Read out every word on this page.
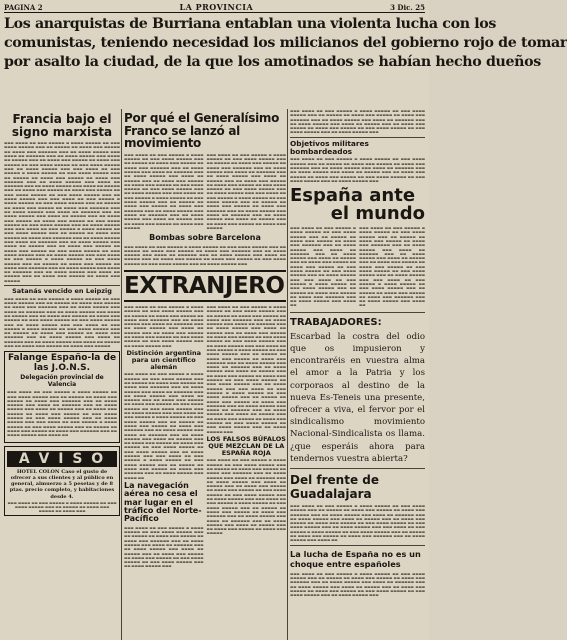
PAGINA 2	LA PROVINCIA	3 Dic. 25
Los anarquistas de Burriana entablan una violenta lucha con los
comunistas, teniendo necesidad los milicianos del gobierno rojo de tomar
por asalto la ciudad, de la que los amotinados se habían hecho dueños
Francia bajo el signo marxista
▬▬▬ ▬▬▬▬ ▬▬ ▬▬▬ ▬▬▬▬▬ ▬ ▬▬▬▬ ▬▬▬▬▬ ▬▬ ▬▬▬ ▬▬▬▬ ▬▬▬▬▬ ▬▬▬ ▬▬ ▬▬▬▬▬ ▬▬ ▬▬▬▬ ▬▬▬ ▬▬▬▬▬ ▬▬ ▬▬▬▬ ▬▬▬ ▬▬▬▬▬▬ ▬▬▬ ▬▬ ▬▬▬▬ ▬▬▬▬▬ ▬▬▬ ▬▬▬▬ ▬▬ ▬▬▬▬▬▬ ▬▬▬ ▬▬ ▬▬▬▬ ▬▬▬▬▬ ▬▬▬ ▬▬▬▬ ▬▬ ▬▬▬▬▬ ▬▬▬ ▬▬ ▬▬▬▬ ▬▬▬ ▬▬▬▬▬ ▬▬ ▬▬▬▬ ▬▬▬ ▬▬▬▬▬ ▬▬ ▬▬▬ ▬▬▬▬ ▬▬▬▬▬ ▬▬ ▬▬▬ ▬▬▬▬ ▬▬▬▬▬ ▬▬▬ ▬▬ ▬▬▬▬ ▬▬▬▬▬ ▬▬▬ ▬▬▬ ▬▬▬▬ ▬▬ ▬▬▬ ▬▬▬▬▬ ▬ ▬▬▬▬ ▬▬▬▬▬ ▬▬ ▬▬▬ ▬▬▬▬ ▬▬▬▬▬ ▬▬▬ ▬▬ ▬▬▬▬▬ ▬▬ ▬▬▬▬ ▬▬▬ ▬▬▬▬▬ ▬▬ ▬▬▬▬ ▬▬▬ ▬▬▬▬▬▬ ▬▬▬ ▬▬ ▬▬▬▬ ▬▬▬▬▬ ▬▬▬ ▬▬▬▬ ▬▬ ▬▬▬▬▬▬ ▬▬▬ ▬▬ ▬▬▬▬ ▬▬▬▬▬ ▬▬▬ ▬▬▬▬ ▬▬ ▬▬▬▬▬ ▬▬▬ ▬▬ ▬▬▬▬ ▬▬▬ ▬▬▬▬▬ ▬▬ ▬▬▬▬ ▬▬▬ ▬▬▬▬▬ ▬▬ ▬▬▬ ▬▬▬▬ ▬▬▬▬▬ ▬▬ ▬▬▬ ▬▬▬▬ ▬▬▬▬▬ ▬▬▬ ▬▬ ▬▬▬▬ ▬▬▬▬▬ ▬▬▬ ▬▬▬ ▬▬▬▬ ▬▬ ▬▬▬ ▬▬▬▬▬ ▬ ▬▬▬▬ ▬▬▬▬▬ ▬▬ ▬▬▬ ▬▬▬▬ ▬▬▬▬▬ ▬▬▬ ▬▬ ▬▬▬▬▬ ▬▬ ▬▬▬▬ ▬▬▬ ▬▬▬▬▬ ▬▬ ▬▬▬▬ ▬▬▬ ▬▬▬▬▬▬ ▬▬▬ ▬▬ ▬▬▬▬ ▬▬▬▬▬ ▬▬▬ ▬▬▬▬ ▬▬ ▬▬▬▬▬▬ ▬▬▬ ▬▬ ▬▬▬▬ ▬▬▬▬▬ ▬▬▬ ▬▬▬▬ ▬▬ ▬▬▬▬▬ ▬▬▬ ▬▬ ▬▬▬▬ ▬▬▬ ▬▬▬▬▬ ▬▬ ▬▬▬▬ ▬▬▬ ▬▬▬▬▬ ▬▬ ▬▬▬ ▬▬▬▬ ▬▬▬▬▬ ▬▬ ▬▬▬ ▬▬▬▬ ▬▬▬▬▬ ▬▬▬ ▬▬ ▬▬▬▬ ▬▬▬▬▬ ▬▬▬ ▬▬▬ ▬▬▬▬ ▬▬ ▬▬▬ ▬▬▬▬▬ ▬ ▬▬▬▬ ▬▬▬▬▬ ▬▬ ▬▬▬ ▬▬▬▬ ▬▬▬▬▬ ▬▬▬ ▬▬ ▬▬▬▬▬ ▬▬ ▬▬▬▬ ▬▬▬ ▬▬▬▬▬ ▬▬ ▬▬▬▬ ▬▬▬ ▬▬▬▬▬▬ ▬▬▬ ▬▬ ▬▬▬▬ ▬▬▬▬▬ ▬▬▬ ▬▬▬▬ ▬▬ ▬▬▬▬▬▬ ▬▬▬ ▬▬ ▬▬▬▬ ▬▬▬▬▬ ▬▬▬ ▬▬▬▬ ▬▬ ▬▬▬▬▬ ▬▬▬ ▬▬ ▬▬▬▬ ▬▬▬ ▬▬▬▬▬ ▬▬ ▬▬▬▬ ▬▬▬ ▬▬▬▬▬ ▬▬ ▬▬▬ ▬▬▬▬ ▬▬▬▬▬ ▬▬ ▬▬▬ ▬▬▬▬ ▬▬▬▬▬ ▬▬▬ ▬▬ ▬▬▬▬ ▬▬▬▬▬ ▬▬▬ ▬▬▬ ▬▬▬▬ ▬▬ ▬▬▬ ▬▬▬▬▬ ▬ ▬▬▬▬ ▬▬▬▬▬ ▬▬ ▬▬▬ ▬▬▬▬ ▬▬▬▬▬ ▬▬▬ ▬▬ ▬▬▬▬▬ ▬▬ ▬▬▬▬ ▬▬▬ ▬▬▬▬▬ ▬▬ ▬▬▬▬ ▬▬▬ ▬▬▬▬▬▬ ▬▬▬ ▬▬ ▬▬▬▬ ▬▬▬▬▬ ▬▬▬ ▬▬▬▬ ▬▬ ▬▬▬▬▬▬ ▬▬▬ ▬▬ ▬▬▬▬ ▬▬▬▬▬ ▬▬▬ ▬▬▬▬ ▬▬ ▬▬▬▬▬ ▬▬▬ ▬▬ ▬▬▬▬ ▬▬▬ ▬▬▬▬▬ ▬▬ ▬▬▬▬ ▬▬▬ ▬▬▬▬▬
Satanás vencido en Leipzig
▬▬▬ ▬▬▬▬ ▬▬ ▬▬▬ ▬▬▬▬▬ ▬ ▬▬▬▬ ▬▬▬▬▬ ▬▬ ▬▬▬ ▬▬▬▬ ▬▬▬▬▬ ▬▬▬ ▬▬ ▬▬▬▬▬ ▬▬ ▬▬▬▬ ▬▬▬ ▬▬▬▬▬ ▬▬ ▬▬▬▬ ▬▬▬ ▬▬▬▬▬▬ ▬▬▬ ▬▬ ▬▬▬▬ ▬▬▬▬▬ ▬▬▬ ▬▬▬▬ ▬▬ ▬▬▬▬▬▬ ▬▬▬ ▬▬ ▬▬▬▬ ▬▬▬▬▬ ▬▬▬ ▬▬▬▬ ▬▬ ▬▬▬▬▬ ▬▬▬ ▬▬ ▬▬▬▬ ▬▬▬ ▬▬▬▬▬ ▬▬ ▬▬▬▬ ▬▬▬ ▬▬▬▬▬ ▬▬ ▬▬▬ ▬▬▬▬ ▬▬▬▬▬ ▬▬ ▬▬▬ ▬▬▬▬ ▬▬▬▬▬ ▬▬▬ ▬▬ ▬▬▬▬ ▬▬▬▬▬ ▬▬▬ ▬▬▬ ▬▬▬▬ ▬▬ ▬▬▬ ▬▬▬▬▬ ▬ ▬▬▬▬ ▬▬▬▬▬ ▬▬ ▬▬▬ ▬▬▬▬ ▬▬▬▬▬ ▬▬▬ ▬▬ ▬▬▬▬▬ ▬▬ ▬▬▬▬ ▬▬▬ ▬▬▬▬▬ ▬▬ ▬▬▬▬ ▬▬▬ ▬▬▬▬▬▬ ▬▬▬ ▬▬ ▬▬▬▬ ▬▬▬▬▬ ▬▬▬ ▬▬▬▬ ▬▬ ▬▬▬▬▬▬ ▬▬▬ ▬▬ ▬▬▬▬ ▬▬▬▬▬ ▬▬▬ ▬▬▬▬ ▬▬ ▬▬▬▬▬ ▬▬▬ ▬▬ ▬▬▬▬ ▬▬▬ ▬▬▬▬▬ ▬▬ ▬▬▬▬ ▬▬▬ ▬▬▬▬▬
Falange Españo-la de las J.O.N.S.
Delegación provincial de Valencia
▬▬▬ ▬▬▬▬ ▬▬ ▬▬▬ ▬▬▬▬▬ ▬ ▬▬▬▬ ▬▬▬▬▬ ▬▬ ▬▬▬ ▬▬▬▬ ▬▬▬▬▬ ▬▬▬ ▬▬ ▬▬▬▬▬ ▬▬ ▬▬▬▬ ▬▬▬ ▬▬▬▬▬ ▬▬ ▬▬▬▬ ▬▬▬ ▬▬▬▬▬▬ ▬▬▬ ▬▬ ▬▬▬▬ ▬▬▬▬▬ ▬▬▬ ▬▬▬▬ ▬▬ ▬▬▬▬▬▬ ▬▬▬ ▬▬ ▬▬▬▬ ▬▬▬▬▬ ▬▬▬ ▬▬▬▬ ▬▬ ▬▬▬▬▬ ▬▬▬ ▬▬ ▬▬▬▬ ▬▬▬ ▬▬▬▬▬ ▬▬ ▬▬▬▬ ▬▬▬ ▬▬▬▬▬ ▬▬ ▬▬▬ ▬▬▬▬ ▬▬▬▬▬ ▬▬ ▬▬▬ ▬▬▬▬ ▬▬▬▬▬ ▬▬▬ ▬▬ ▬▬▬▬ ▬▬▬▬▬ ▬▬▬ ▬▬▬ ▬▬▬▬ ▬▬ ▬▬▬ ▬▬▬▬▬ ▬ ▬▬▬▬ ▬▬▬▬▬ ▬▬ ▬▬▬ ▬▬▬▬ ▬▬▬▬▬ ▬▬▬ ▬▬ ▬▬▬▬▬ ▬▬ ▬▬▬▬ ▬▬▬ ▬▬▬▬▬ ▬▬ ▬▬▬▬ ▬▬▬ ▬▬▬▬▬▬ ▬▬▬ ▬▬ ▬▬▬▬ ▬▬▬▬▬ ▬▬▬ ▬▬▬▬ ▬▬
A V I S O
HOTEL COLON Caso el gusto de ofrecer a sus clientes y al público en general, almuerzo a 5 pesetas y de 8 ptas. precio completo, y habitaciones desde 4.
▬▬▬ ▬▬▬▬ ▬▬ ▬▬▬ ▬▬▬▬▬ ▬ ▬▬▬▬ ▬▬▬▬▬ ▬▬ ▬▬▬ ▬▬▬▬ ▬▬▬▬▬ ▬▬▬ ▬▬ ▬▬▬▬▬ ▬▬ ▬▬▬▬ ▬▬▬ ▬▬▬▬▬ ▬▬ ▬▬▬▬ ▬▬▬
Por qué el Generalísimo Franco se lanzó al movimiento
▬▬▬ ▬▬▬▬ ▬▬ ▬▬▬ ▬▬▬▬▬ ▬ ▬▬▬▬ ▬▬▬▬▬ ▬▬ ▬▬▬ ▬▬▬▬ ▬▬▬▬▬ ▬▬▬ ▬▬ ▬▬▬▬▬ ▬▬ ▬▬▬▬ ▬▬▬ ▬▬▬▬▬ ▬▬ ▬▬▬▬ ▬▬▬ ▬▬▬▬▬▬ ▬▬▬ ▬▬ ▬▬▬▬ ▬▬▬▬▬ ▬▬▬ ▬▬▬▬ ▬▬ ▬▬▬▬▬▬ ▬▬▬ ▬▬ ▬▬▬▬ ▬▬▬▬▬ ▬▬▬ ▬▬▬▬ ▬▬ ▬▬▬▬▬ ▬▬▬ ▬▬ ▬▬▬▬ ▬▬▬ ▬▬▬▬▬ ▬▬ ▬▬▬▬ ▬▬▬ ▬▬▬▬▬ ▬▬ ▬▬▬ ▬▬▬▬ ▬▬▬▬▬ ▬▬ ▬▬▬ ▬▬▬▬ ▬▬▬▬▬ ▬▬▬ ▬▬ ▬▬▬▬ ▬▬▬▬▬ ▬▬▬ ▬▬▬ ▬▬▬▬ ▬▬ ▬▬▬ ▬▬▬▬▬ ▬ ▬▬▬▬ ▬▬▬▬▬ ▬▬ ▬▬▬ ▬▬▬▬ ▬▬▬▬▬ ▬▬▬ ▬▬ ▬▬▬▬▬ ▬▬ ▬▬▬▬ ▬▬▬ ▬▬▬▬▬ ▬▬ ▬▬▬▬ ▬▬▬ ▬▬▬▬▬▬ ▬▬▬ ▬▬ ▬▬▬▬ ▬▬▬▬▬ ▬▬▬ ▬▬▬▬ ▬▬ ▬▬▬▬▬▬ ▬▬▬ ▬▬ ▬▬▬▬ ▬▬▬▬▬ ▬▬▬ ▬▬▬▬ ▬▬ ▬▬▬▬▬ ▬▬▬ ▬▬ ▬▬▬▬ ▬▬▬ ▬▬▬▬▬ ▬▬ ▬▬▬▬ ▬▬▬ ▬▬▬▬▬
▬▬▬ ▬▬▬▬ ▬▬ ▬▬▬ ▬▬▬▬▬ ▬ ▬▬▬▬ ▬▬▬▬▬ ▬▬ ▬▬▬ ▬▬▬▬ ▬▬▬▬▬ ▬▬▬ ▬▬ ▬▬▬▬▬ ▬▬ ▬▬▬▬ ▬▬▬ ▬▬▬▬▬ ▬▬ ▬▬▬▬ ▬▬▬ ▬▬▬▬▬▬ ▬▬▬ ▬▬ ▬▬▬▬ ▬▬▬▬▬ ▬▬▬ ▬▬▬▬ ▬▬ ▬▬▬▬▬▬ ▬▬▬ ▬▬ ▬▬▬▬ ▬▬▬▬▬ ▬▬▬ ▬▬▬▬ ▬▬ ▬▬▬▬▬ ▬▬▬ ▬▬ ▬▬▬▬ ▬▬▬ ▬▬▬▬▬ ▬▬ ▬▬▬▬ ▬▬▬ ▬▬▬▬▬ ▬▬ ▬▬▬ ▬▬▬▬ ▬▬▬▬▬ ▬▬ ▬▬▬ ▬▬▬▬ ▬▬▬▬▬ ▬▬▬ ▬▬ ▬▬▬▬ ▬▬▬▬▬ ▬▬▬ ▬▬▬ ▬▬▬▬ ▬▬ ▬▬▬ ▬▬▬▬▬ ▬ ▬▬▬▬ ▬▬▬▬▬ ▬▬ ▬▬▬ ▬▬▬▬ ▬▬▬▬▬ ▬▬▬ ▬▬ ▬▬▬▬▬ ▬▬ ▬▬▬▬ ▬▬▬ ▬▬▬▬▬ ▬▬ ▬▬▬▬ ▬▬▬ ▬▬▬▬▬▬ ▬▬▬ ▬▬ ▬▬▬▬ ▬▬▬▬▬ ▬▬▬ ▬▬▬▬ ▬▬ ▬▬▬▬▬▬ ▬▬▬ ▬▬ ▬▬▬▬ ▬▬▬▬▬ ▬▬▬ ▬▬▬▬ ▬▬ ▬▬▬▬▬ ▬▬▬ ▬▬ ▬▬▬▬ ▬▬▬ ▬▬▬▬▬ ▬▬ ▬▬▬▬ ▬▬▬ ▬▬▬▬▬
Bombas sobre Barcelona
▬▬▬ ▬▬▬▬ ▬▬ ▬▬▬ ▬▬▬▬▬ ▬ ▬▬▬▬ ▬▬▬▬▬ ▬▬ ▬▬▬ ▬▬▬▬ ▬▬▬▬▬ ▬▬▬ ▬▬ ▬▬▬▬▬ ▬▬ ▬▬▬▬ ▬▬▬ ▬▬▬▬▬ ▬▬ ▬▬▬▬ ▬▬▬ ▬▬▬▬▬▬ ▬▬▬ ▬▬ ▬▬▬▬ ▬▬▬▬▬ ▬▬▬ ▬▬▬▬ ▬▬ ▬▬▬▬▬▬ ▬▬▬ ▬▬ ▬▬▬▬ ▬▬▬▬▬ ▬▬▬ ▬▬▬▬ ▬▬ ▬▬▬▬▬ ▬▬▬ ▬▬ ▬▬▬▬ ▬▬▬ ▬▬▬▬▬ ▬▬ ▬▬▬▬ ▬▬▬ ▬▬▬▬▬ ▬▬ ▬▬▬ ▬▬▬▬ ▬▬▬▬▬ ▬▬ ▬▬▬ ▬▬▬▬ ▬▬▬▬▬ ▬▬▬ ▬▬ ▬▬▬▬ ▬▬▬▬▬ ▬▬▬
EXTRANJERO
▬▬▬ ▬▬▬▬ ▬▬ ▬▬▬ ▬▬▬▬▬ ▬ ▬▬▬▬ ▬▬▬▬▬ ▬▬ ▬▬▬ ▬▬▬▬ ▬▬▬▬▬ ▬▬▬ ▬▬ ▬▬▬▬▬ ▬▬ ▬▬▬▬ ▬▬▬ ▬▬▬▬▬ ▬▬ ▬▬▬▬ ▬▬▬ ▬▬▬▬▬▬ ▬▬▬ ▬▬ ▬▬▬▬ ▬▬▬▬▬ ▬▬▬ ▬▬▬▬ ▬▬ ▬▬▬▬▬▬ ▬▬▬ ▬▬ ▬▬▬▬ ▬▬▬▬▬ ▬▬▬ ▬▬▬▬ ▬▬ ▬▬▬▬▬ ▬▬▬ ▬▬ ▬▬▬▬ ▬▬▬ ▬▬▬▬▬ ▬▬ ▬▬▬▬ ▬▬▬ ▬▬▬▬▬ ▬▬ ▬▬▬ ▬▬▬▬ ▬▬▬▬▬ ▬▬ ▬▬▬ ▬▬▬▬ ▬▬▬▬▬ ▬▬▬ ▬▬ ▬▬▬▬ ▬▬▬▬▬ ▬▬▬
Distinción argentina para un científico alemán
▬▬▬ ▬▬▬▬ ▬▬ ▬▬▬ ▬▬▬▬▬ ▬ ▬▬▬▬ ▬▬▬▬▬ ▬▬ ▬▬▬ ▬▬▬▬ ▬▬▬▬▬ ▬▬▬ ▬▬ ▬▬▬▬▬ ▬▬ ▬▬▬▬ ▬▬▬ ▬▬▬▬▬ ▬▬ ▬▬▬▬ ▬▬▬ ▬▬▬▬▬▬ ▬▬▬ ▬▬ ▬▬▬▬ ▬▬▬▬▬ ▬▬▬ ▬▬▬▬ ▬▬ ▬▬▬▬▬▬ ▬▬▬ ▬▬ ▬▬▬▬ ▬▬▬▬▬ ▬▬▬ ▬▬▬▬ ▬▬ ▬▬▬▬▬ ▬▬▬ ▬▬ ▬▬▬▬ ▬▬▬ ▬▬▬▬▬ ▬▬ ▬▬▬▬ ▬▬▬ ▬▬▬▬▬ ▬▬ ▬▬▬ ▬▬▬▬ ▬▬▬▬▬ ▬▬ ▬▬▬ ▬▬▬▬ ▬▬▬▬▬ ▬▬▬ ▬▬ ▬▬▬▬ ▬▬▬▬▬ ▬▬▬ ▬▬▬ ▬▬▬▬ ▬▬ ▬▬▬ ▬▬▬▬▬ ▬ ▬▬▬▬ ▬▬▬▬▬ ▬▬ ▬▬▬ ▬▬▬▬ ▬▬▬▬▬ ▬▬▬ ▬▬ ▬▬▬▬▬ ▬▬ ▬▬▬▬ ▬▬▬ ▬▬▬▬▬ ▬▬ ▬▬▬▬ ▬▬▬ ▬▬▬▬▬▬ ▬▬▬ ▬▬ ▬▬▬▬ ▬▬▬▬▬ ▬▬▬ ▬▬▬▬ ▬▬ ▬▬▬▬▬▬ ▬▬▬ ▬▬ ▬▬▬▬ ▬▬▬▬▬ ▬▬▬ ▬▬▬▬ ▬▬ ▬▬▬▬▬ ▬▬▬ ▬▬ ▬▬▬▬ ▬▬▬ ▬▬▬▬▬ ▬▬ ▬▬▬▬ ▬▬▬ ▬▬▬▬▬ ▬▬ ▬▬▬ ▬▬▬▬ ▬▬▬▬▬ ▬▬ ▬▬▬ ▬▬▬▬ ▬▬▬▬▬ ▬▬▬ ▬▬ ▬▬▬▬ ▬▬▬▬▬ ▬▬▬ ▬▬▬ ▬▬▬▬ ▬▬ ▬▬▬ ▬▬▬▬▬ ▬ ▬▬▬▬ ▬▬▬▬▬ ▬▬ ▬▬▬ ▬▬▬▬ ▬▬▬▬▬ ▬▬▬ ▬▬ ▬▬▬▬▬ ▬▬ ▬▬▬▬ ▬▬▬ ▬▬▬▬▬ ▬▬ ▬▬▬▬ ▬▬▬ ▬▬▬▬▬▬ ▬▬▬ ▬▬ ▬▬▬▬ ▬▬▬▬▬ ▬▬▬ ▬▬▬▬ ▬▬
La navegación aérea no cesa el mar lugar en el tráfico del Norte-Pacífico
▬▬▬ ▬▬▬▬ ▬▬ ▬▬▬ ▬▬▬▬▬ ▬ ▬▬▬▬ ▬▬▬▬▬ ▬▬ ▬▬▬ ▬▬▬▬ ▬▬▬▬▬ ▬▬▬ ▬▬ ▬▬▬▬▬ ▬▬ ▬▬▬▬ ▬▬▬ ▬▬▬▬▬ ▬▬ ▬▬▬▬ ▬▬▬ ▬▬▬▬▬▬ ▬▬▬ ▬▬ ▬▬▬▬ ▬▬▬▬▬ ▬▬▬ ▬▬▬▬ ▬▬ ▬▬▬▬▬▬ ▬▬▬ ▬▬ ▬▬▬▬ ▬▬▬▬▬ ▬▬▬ ▬▬▬▬ ▬▬ ▬▬▬▬▬ ▬▬▬ ▬▬ ▬▬▬▬ ▬▬▬ ▬▬▬▬▬ ▬▬ ▬▬▬▬ ▬▬▬ ▬▬▬▬▬ ▬▬ ▬▬▬ ▬▬▬▬ ▬▬▬▬▬ ▬▬ ▬▬▬ ▬▬▬▬ ▬▬▬▬▬ ▬▬▬ ▬▬ ▬▬▬▬ ▬▬▬▬▬ ▬▬▬
▬▬▬ ▬▬▬▬ ▬▬ ▬▬▬ ▬▬▬▬▬ ▬ ▬▬▬▬ ▬▬▬▬▬ ▬▬ ▬▬▬ ▬▬▬▬ ▬▬▬▬▬ ▬▬▬ ▬▬ ▬▬▬▬▬ ▬▬ ▬▬▬▬ ▬▬▬ ▬▬▬▬▬ ▬▬ ▬▬▬▬ ▬▬▬ ▬▬▬▬▬▬ ▬▬▬ ▬▬ ▬▬▬▬ ▬▬▬▬▬ ▬▬▬ ▬▬▬▬ ▬▬ ▬▬▬▬▬▬ ▬▬▬ ▬▬ ▬▬▬▬ ▬▬▬▬▬ ▬▬▬ ▬▬▬▬ ▬▬ ▬▬▬▬▬ ▬▬▬ ▬▬ ▬▬▬▬ ▬▬▬ ▬▬▬▬▬ ▬▬ ▬▬▬▬ ▬▬▬ ▬▬▬▬▬ ▬▬ ▬▬▬ ▬▬▬▬ ▬▬▬▬▬ ▬▬ ▬▬▬ ▬▬▬▬ ▬▬▬▬▬ ▬▬▬ ▬▬ ▬▬▬▬ ▬▬▬▬▬ ▬▬▬ ▬▬▬ ▬▬▬▬ ▬▬ ▬▬▬ ▬▬▬▬▬ ▬ ▬▬▬▬ ▬▬▬▬▬ ▬▬ ▬▬▬ ▬▬▬▬ ▬▬▬▬▬ ▬▬▬ ▬▬ ▬▬▬▬▬ ▬▬ ▬▬▬▬ ▬▬▬ ▬▬▬▬▬ ▬▬ ▬▬▬▬ ▬▬▬ ▬▬▬▬▬▬ ▬▬▬ ▬▬ ▬▬▬▬ ▬▬▬▬▬ ▬▬▬ ▬▬▬▬ ▬▬ ▬▬▬▬▬▬ ▬▬▬ ▬▬ ▬▬▬▬ ▬▬▬▬▬ ▬▬▬ ▬▬▬▬ ▬▬ ▬▬▬▬▬ ▬▬▬ ▬▬ ▬▬▬▬ ▬▬▬ ▬▬▬▬▬ ▬▬ ▬▬▬▬ ▬▬▬ ▬▬▬▬▬ ▬▬ ▬▬▬ ▬▬▬▬ ▬▬▬▬▬ ▬▬ ▬▬▬ ▬▬▬▬ ▬▬▬▬▬ ▬▬▬ ▬▬ ▬▬▬▬ ▬▬▬▬▬ ▬▬▬ ▬▬▬ ▬▬▬▬ ▬▬ ▬▬▬ ▬▬▬▬▬ ▬ ▬▬▬▬ ▬▬▬▬▬ ▬▬ ▬▬▬ ▬▬▬▬ ▬▬▬▬▬ ▬▬▬ ▬▬ ▬▬▬▬▬ ▬▬ ▬▬▬▬ ▬▬▬ ▬▬▬▬▬ ▬▬ ▬▬▬▬ ▬▬▬ ▬▬▬▬▬▬ ▬▬▬ ▬▬ ▬▬▬▬ ▬▬▬▬▬ ▬▬▬ ▬▬▬▬ ▬▬ ▬▬▬▬▬▬ ▬▬▬ ▬▬ ▬▬▬▬ ▬▬▬▬▬ ▬▬▬ ▬▬▬▬ ▬▬ ▬▬▬▬▬ ▬▬▬ ▬▬ ▬▬▬▬ ▬▬▬ ▬▬▬▬▬ ▬▬ ▬▬▬▬ ▬▬▬ ▬▬▬▬▬ ▬▬ ▬▬▬ ▬▬▬▬ ▬▬▬▬▬ ▬▬ ▬▬▬ ▬▬▬▬ ▬▬▬▬▬ ▬▬▬ ▬▬ ▬▬▬▬ ▬▬▬▬▬ ▬▬▬
LOS FALSOS BÚFALOS QUE MEZCLAN DE LA ESPAÑA ROJA
▬▬▬ ▬▬▬▬ ▬▬ ▬▬▬ ▬▬▬▬▬ ▬ ▬▬▬▬ ▬▬▬▬▬ ▬▬ ▬▬▬ ▬▬▬▬ ▬▬▬▬▬ ▬▬▬ ▬▬ ▬▬▬▬▬ ▬▬ ▬▬▬▬ ▬▬▬ ▬▬▬▬▬ ▬▬ ▬▬▬▬ ▬▬▬ ▬▬▬▬▬▬ ▬▬▬ ▬▬ ▬▬▬▬ ▬▬▬▬▬ ▬▬▬ ▬▬▬▬ ▬▬ ▬▬▬▬▬▬ ▬▬▬ ▬▬ ▬▬▬▬ ▬▬▬▬▬ ▬▬▬ ▬▬▬▬ ▬▬ ▬▬▬▬▬ ▬▬▬ ▬▬ ▬▬▬▬ ▬▬▬ ▬▬▬▬▬ ▬▬ ▬▬▬▬ ▬▬▬ ▬▬▬▬▬ ▬▬ ▬▬▬ ▬▬▬▬ ▬▬▬▬▬ ▬▬ ▬▬▬ ▬▬▬▬ ▬▬▬▬▬ ▬▬▬ ▬▬ ▬▬▬▬ ▬▬▬▬▬ ▬▬▬ ▬▬▬ ▬▬▬▬ ▬▬ ▬▬▬ ▬▬▬▬▬ ▬ ▬▬▬▬ ▬▬▬▬▬ ▬▬ ▬▬▬ ▬▬▬▬ ▬▬▬▬▬ ▬▬▬ ▬▬ ▬▬▬▬▬ ▬▬ ▬▬▬▬ ▬▬▬ ▬▬▬▬▬ ▬▬ ▬▬▬▬ ▬▬▬ ▬▬▬▬▬▬ ▬▬▬ ▬▬ ▬▬▬▬ ▬▬▬▬▬ ▬▬▬ ▬▬▬▬ ▬▬ ▬▬▬▬▬▬ ▬▬▬ ▬▬ ▬▬▬▬ ▬▬▬▬▬ ▬▬▬ ▬▬▬▬ ▬▬ ▬▬▬▬▬ ▬▬▬ ▬▬ ▬▬▬▬ ▬▬▬ ▬▬▬▬▬ ▬▬ ▬▬▬▬ ▬▬▬ ▬▬▬▬▬
▬▬▬ ▬▬▬▬ ▬▬ ▬▬▬ ▬▬▬▬▬ ▬ ▬▬▬▬ ▬▬▬▬▬ ▬▬ ▬▬▬ ▬▬▬▬ ▬▬▬▬▬ ▬▬▬ ▬▬ ▬▬▬▬▬ ▬▬ ▬▬▬▬ ▬▬▬ ▬▬▬▬▬ ▬▬ ▬▬▬▬ ▬▬▬ ▬▬▬▬▬▬ ▬▬▬ ▬▬ ▬▬▬▬ ▬▬▬▬▬ ▬▬▬ ▬▬▬▬ ▬▬ ▬▬▬▬▬▬ ▬▬▬ ▬▬ ▬▬▬▬ ▬▬▬▬▬ ▬▬▬ ▬▬▬▬ ▬▬ ▬▬▬▬▬ ▬▬▬ ▬▬ ▬▬▬▬ ▬▬▬ ▬▬▬▬▬ ▬▬ ▬▬▬▬ ▬▬▬ ▬▬▬▬▬ ▬▬ ▬▬▬ ▬▬▬▬ ▬▬▬▬▬ ▬▬ ▬▬▬ ▬▬▬▬ ▬▬▬▬▬ ▬▬▬ ▬▬ ▬▬▬▬ ▬▬▬▬▬ ▬▬▬
Objetivos militares bombardeados
▬▬▬ ▬▬▬▬ ▬▬ ▬▬▬ ▬▬▬▬▬ ▬ ▬▬▬▬ ▬▬▬▬▬ ▬▬ ▬▬▬ ▬▬▬▬ ▬▬▬▬▬ ▬▬▬ ▬▬ ▬▬▬▬▬ ▬▬ ▬▬▬▬ ▬▬▬ ▬▬▬▬▬ ▬▬ ▬▬▬▬ ▬▬▬ ▬▬▬▬▬▬ ▬▬▬ ▬▬ ▬▬▬▬ ▬▬▬▬▬ ▬▬▬ ▬▬▬▬ ▬▬ ▬▬▬▬▬▬ ▬▬▬ ▬▬ ▬▬▬▬ ▬▬▬▬▬ ▬▬▬ ▬▬▬▬ ▬▬ ▬▬▬▬▬ ▬▬▬ ▬▬ ▬▬▬▬ ▬▬▬ ▬▬▬▬▬ ▬▬ ▬▬▬▬ ▬▬▬ ▬▬▬▬▬ ▬▬ ▬▬▬ ▬▬▬▬ ▬▬▬▬▬ ▬▬ ▬▬▬ ▬▬▬▬ ▬▬▬▬▬ ▬▬▬ ▬▬ ▬▬▬▬ ▬▬▬▬▬ ▬▬▬
España ante
el mundo
▬▬▬ ▬▬▬▬ ▬▬ ▬▬▬ ▬▬▬▬▬ ▬ ▬▬▬▬ ▬▬▬▬▬ ▬▬ ▬▬▬ ▬▬▬▬ ▬▬▬▬▬ ▬▬▬ ▬▬ ▬▬▬▬▬ ▬▬ ▬▬▬▬ ▬▬▬ ▬▬▬▬▬ ▬▬ ▬▬▬▬ ▬▬▬ ▬▬▬▬▬▬ ▬▬▬ ▬▬ ▬▬▬▬ ▬▬▬▬▬ ▬▬▬ ▬▬▬▬ ▬▬ ▬▬▬▬▬▬ ▬▬▬ ▬▬ ▬▬▬▬ ▬▬▬▬▬ ▬▬▬ ▬▬▬▬ ▬▬ ▬▬▬▬▬ ▬▬▬ ▬▬ ▬▬▬▬ ▬▬▬ ▬▬▬▬▬ ▬▬ ▬▬▬▬ ▬▬▬ ▬▬▬▬▬ ▬▬ ▬▬▬ ▬▬▬▬ ▬▬▬▬▬ ▬▬ ▬▬▬ ▬▬▬▬ ▬▬▬▬▬ ▬▬▬ ▬▬ ▬▬▬▬ ▬▬▬▬▬ ▬▬▬ ▬▬▬ ▬▬▬▬ ▬▬ ▬▬▬ ▬▬▬▬▬ ▬ ▬▬▬▬ ▬▬▬▬▬ ▬▬ ▬▬▬ ▬▬▬▬ ▬▬▬▬▬ ▬▬▬ ▬▬ ▬▬▬▬▬ ▬▬ ▬▬▬▬ ▬▬▬ ▬▬▬▬▬ ▬▬ ▬▬▬▬ ▬▬▬ ▬▬▬▬▬▬ ▬▬▬ ▬▬ ▬▬▬▬ ▬▬▬▬▬ ▬▬▬ ▬▬▬▬ ▬▬
▬▬▬ ▬▬▬▬ ▬▬ ▬▬▬ ▬▬▬▬▬ ▬ ▬▬▬▬ ▬▬▬▬▬ ▬▬ ▬▬▬ ▬▬▬▬ ▬▬▬▬▬ ▬▬▬ ▬▬ ▬▬▬▬▬ ▬▬ ▬▬▬▬ ▬▬▬ ▬▬▬▬▬ ▬▬ ▬▬▬▬ ▬▬▬ ▬▬▬▬▬▬ ▬▬▬ ▬▬ ▬▬▬▬ ▬▬▬▬▬ ▬▬▬ ▬▬▬▬ ▬▬ ▬▬▬▬▬▬ ▬▬▬ ▬▬ ▬▬▬▬ ▬▬▬▬▬ ▬▬▬ ▬▬▬▬ ▬▬ ▬▬▬▬▬ ▬▬▬ ▬▬ ▬▬▬▬ ▬▬▬ ▬▬▬▬▬ ▬▬ ▬▬▬▬ ▬▬▬ ▬▬▬▬▬ ▬▬ ▬▬▬ ▬▬▬▬ ▬▬▬▬▬ ▬▬ ▬▬▬ ▬▬▬▬ ▬▬▬▬▬ ▬▬▬ ▬▬ ▬▬▬▬ ▬▬▬▬▬ ▬▬▬ ▬▬▬ ▬▬▬▬ ▬▬ ▬▬▬ ▬▬▬▬▬ ▬ ▬▬▬▬ ▬▬▬▬▬ ▬▬ ▬▬▬ ▬▬▬▬ ▬▬▬▬▬ ▬▬▬ ▬▬ ▬▬▬▬▬ ▬▬ ▬▬▬▬ ▬▬▬ ▬▬▬▬▬ ▬▬ ▬▬▬▬ ▬▬▬ ▬▬▬▬▬▬ ▬▬▬ ▬▬ ▬▬▬▬ ▬▬▬▬▬ ▬▬▬ ▬▬▬▬ ▬▬
TRABAJADORES:
Escarbad la costra del odio que os impusieron y encontraréis en vuestra alma el amor a la Patria y los corporaos al destino de la nueva Es-Teneis una presente, ofrecer a viva, el fervor por el sindicalismo movimiento Nacional-Sindicalista os llama. ¿que esperáis ahora para tendernos vuestra abierta?
Del frente de Guadalajara
▬▬▬ ▬▬▬▬ ▬▬ ▬▬▬ ▬▬▬▬▬ ▬ ▬▬▬▬ ▬▬▬▬▬ ▬▬ ▬▬▬ ▬▬▬▬ ▬▬▬▬▬ ▬▬▬ ▬▬ ▬▬▬▬▬ ▬▬ ▬▬▬▬ ▬▬▬ ▬▬▬▬▬ ▬▬ ▬▬▬▬ ▬▬▬ ▬▬▬▬▬▬ ▬▬▬ ▬▬ ▬▬▬▬ ▬▬▬▬▬ ▬▬▬ ▬▬▬▬ ▬▬ ▬▬▬▬▬▬ ▬▬▬ ▬▬ ▬▬▬▬ ▬▬▬▬▬ ▬▬▬ ▬▬▬▬ ▬▬ ▬▬▬▬▬ ▬▬▬ ▬▬ ▬▬▬▬ ▬▬▬ ▬▬▬▬▬ ▬▬ ▬▬▬▬ ▬▬▬ ▬▬▬▬▬ ▬▬ ▬▬▬ ▬▬▬▬ ▬▬▬▬▬ ▬▬ ▬▬▬ ▬▬▬▬ ▬▬▬▬▬ ▬▬▬ ▬▬ ▬▬▬▬ ▬▬▬▬▬ ▬▬▬ ▬▬▬ ▬▬▬▬ ▬▬ ▬▬▬ ▬▬▬▬▬ ▬ ▬▬▬▬ ▬▬▬▬▬ ▬▬ ▬▬▬ ▬▬▬▬ ▬▬▬▬▬ ▬▬▬ ▬▬ ▬▬▬▬▬ ▬▬ ▬▬▬▬ ▬▬▬ ▬▬▬▬▬ ▬▬ ▬▬▬▬ ▬▬▬ ▬▬▬▬▬▬ ▬▬▬ ▬▬ ▬▬▬▬ ▬▬▬▬▬ ▬▬▬ ▬▬▬▬ ▬▬
La lucha de España no es un choque entre españoles
▬▬▬ ▬▬▬▬ ▬▬ ▬▬▬ ▬▬▬▬▬ ▬ ▬▬▬▬ ▬▬▬▬▬ ▬▬ ▬▬▬ ▬▬▬▬ ▬▬▬▬▬ ▬▬▬ ▬▬ ▬▬▬▬▬ ▬▬ ▬▬▬▬ ▬▬▬ ▬▬▬▬▬ ▬▬ ▬▬▬▬ ▬▬▬ ▬▬▬▬▬▬ ▬▬▬ ▬▬ ▬▬▬▬ ▬▬▬▬▬ ▬▬▬ ▬▬▬▬ ▬▬ ▬▬▬▬▬▬ ▬▬▬ ▬▬ ▬▬▬▬ ▬▬▬▬▬ ▬▬▬ ▬▬▬▬ ▬▬ ▬▬▬▬▬ ▬▬▬ ▬▬ ▬▬▬▬ ▬▬▬ ▬▬▬▬▬ ▬▬ ▬▬▬▬ ▬▬▬ ▬▬▬▬▬ ▬▬ ▬▬▬ ▬▬▬▬ ▬▬▬▬▬ ▬▬ ▬▬▬ ▬▬▬▬ ▬▬▬▬▬ ▬▬▬ ▬▬ ▬▬▬▬ ▬▬▬▬▬ ▬▬▬
